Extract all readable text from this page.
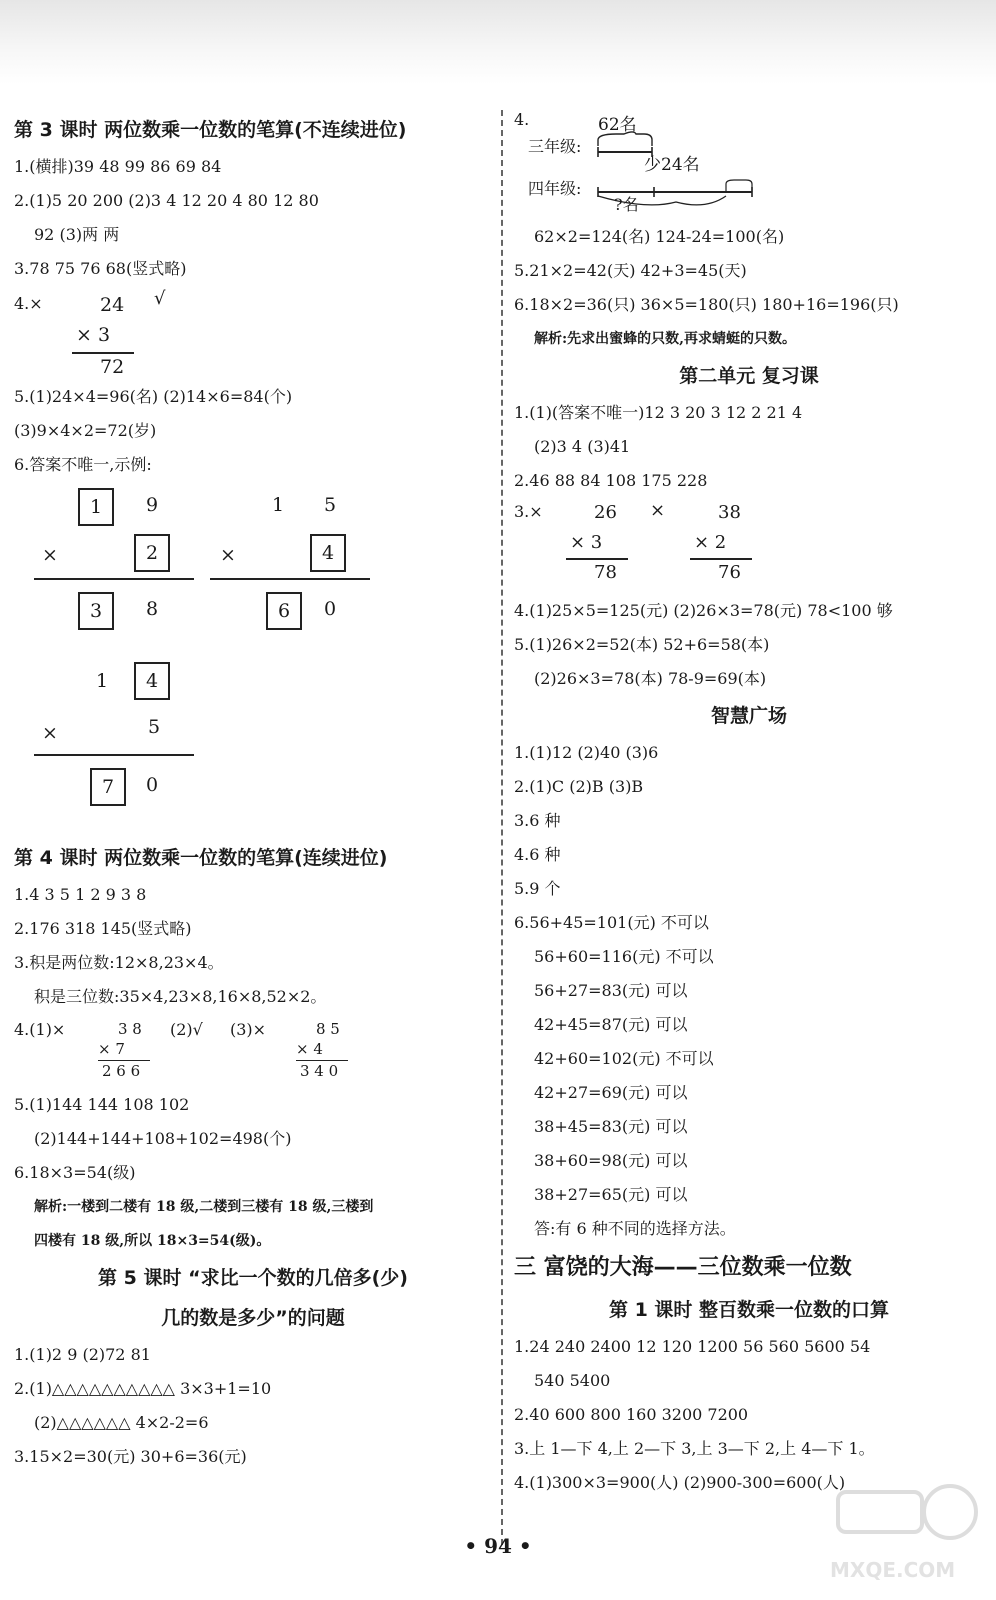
第 3 课时 两位数乘一位数的笔算(不连续进位)
1.(横排)39 48 99 86 69 84
2.(1)5 20 200 (2)3 4 12 20 4 80 12 80
92 (3)两 两
3.78 75 76 68(竖式略)
4.×	√
24
× 3
72
5.(1)24×4=96(名) (2)14×6=84(个)
(3)9×4×2=72(岁)
6.答案不唯一,示例:
1	9
×	2
3	8
1 5
×	4
6	0
1	4
×	5
7	0
第 4 课时 两位数乘一位数的笔算(连续进位)
1.4 3 5 1 2 9 3 8
2.176 318 145(竖式略)
3.积是两位数:12×8,23×4。
积是三位数:35×4,23×8,16×8,52×2。
4.(1)×	3 8
× 7
2 6 6
(2)√ (3)×	8 5
× 4
3 4 0
5.(1)144 144 108 102
(2)144+144+108+102=498(个)
6.18×3=54(级)
解析:一楼到二楼有 18 级,二楼到三楼有 18 级,三楼到
四楼有 18 级,所以 18×3=54(级)。
第 5 课时 “求比一个数的几倍多(少)
几的数是多少”的问题
1.(1)2 9 (2)72 81
2.(1)△△△△△△△△△△ 3×3+1=10
(2)△△△△△△ 4×2-2=6
3.15×2=30(元) 30+6=36(元)
4.	62名
三年级:
少24名
四年级:
?名
62×2=124(名) 124-24=100(名)
5.21×2=42(天) 42+3=45(天)
6.18×2=36(只) 36×5=180(只) 180+16=196(只)
解析:先求出蜜蜂的只数,再求蜻蜓的只数。
第二单元 复习课
1.(1)(答案不唯一)12 3 20 3 12 2 21 4
(2)3 4 (3)41
2.46 88 84 108 175 228
3.×	26
× 3
78
×	38
× 2
76
4.(1)25×5=125(元) (2)26×3=78(元) 78<100 够
5.(1)26×2=52(本) 52+6=58(本)
(2)26×3=78(本) 78-9=69(本)
智慧广场
1.(1)12 (2)40 (3)6
2.(1)C (2)B (3)B
3.6 种
4.6 种
5.9 个
6.56+45=101(元) 不可以
56+60=116(元) 不可以
56+27=83(元) 可以
42+45=87(元) 可以
42+60=102(元) 不可以
42+27=69(元) 可以
38+45=83(元) 可以
38+60=98(元) 可以
38+27=65(元) 可以
答:有 6 种不同的选择方法。
三 富饶的大海——三位数乘一位数
第 1 课时 整百数乘一位数的口算
1.24 240 2400 12 120 1200 56 560 5600 54
540 5400
2.40 600 800 160 3200 7200
3.上 1—下 4,上 2—下 3,上 3—下 2,上 4—下 1。
4.(1)300×3=900(人) (2)900-300=600(人)
• 94 •
MXQE.COM
